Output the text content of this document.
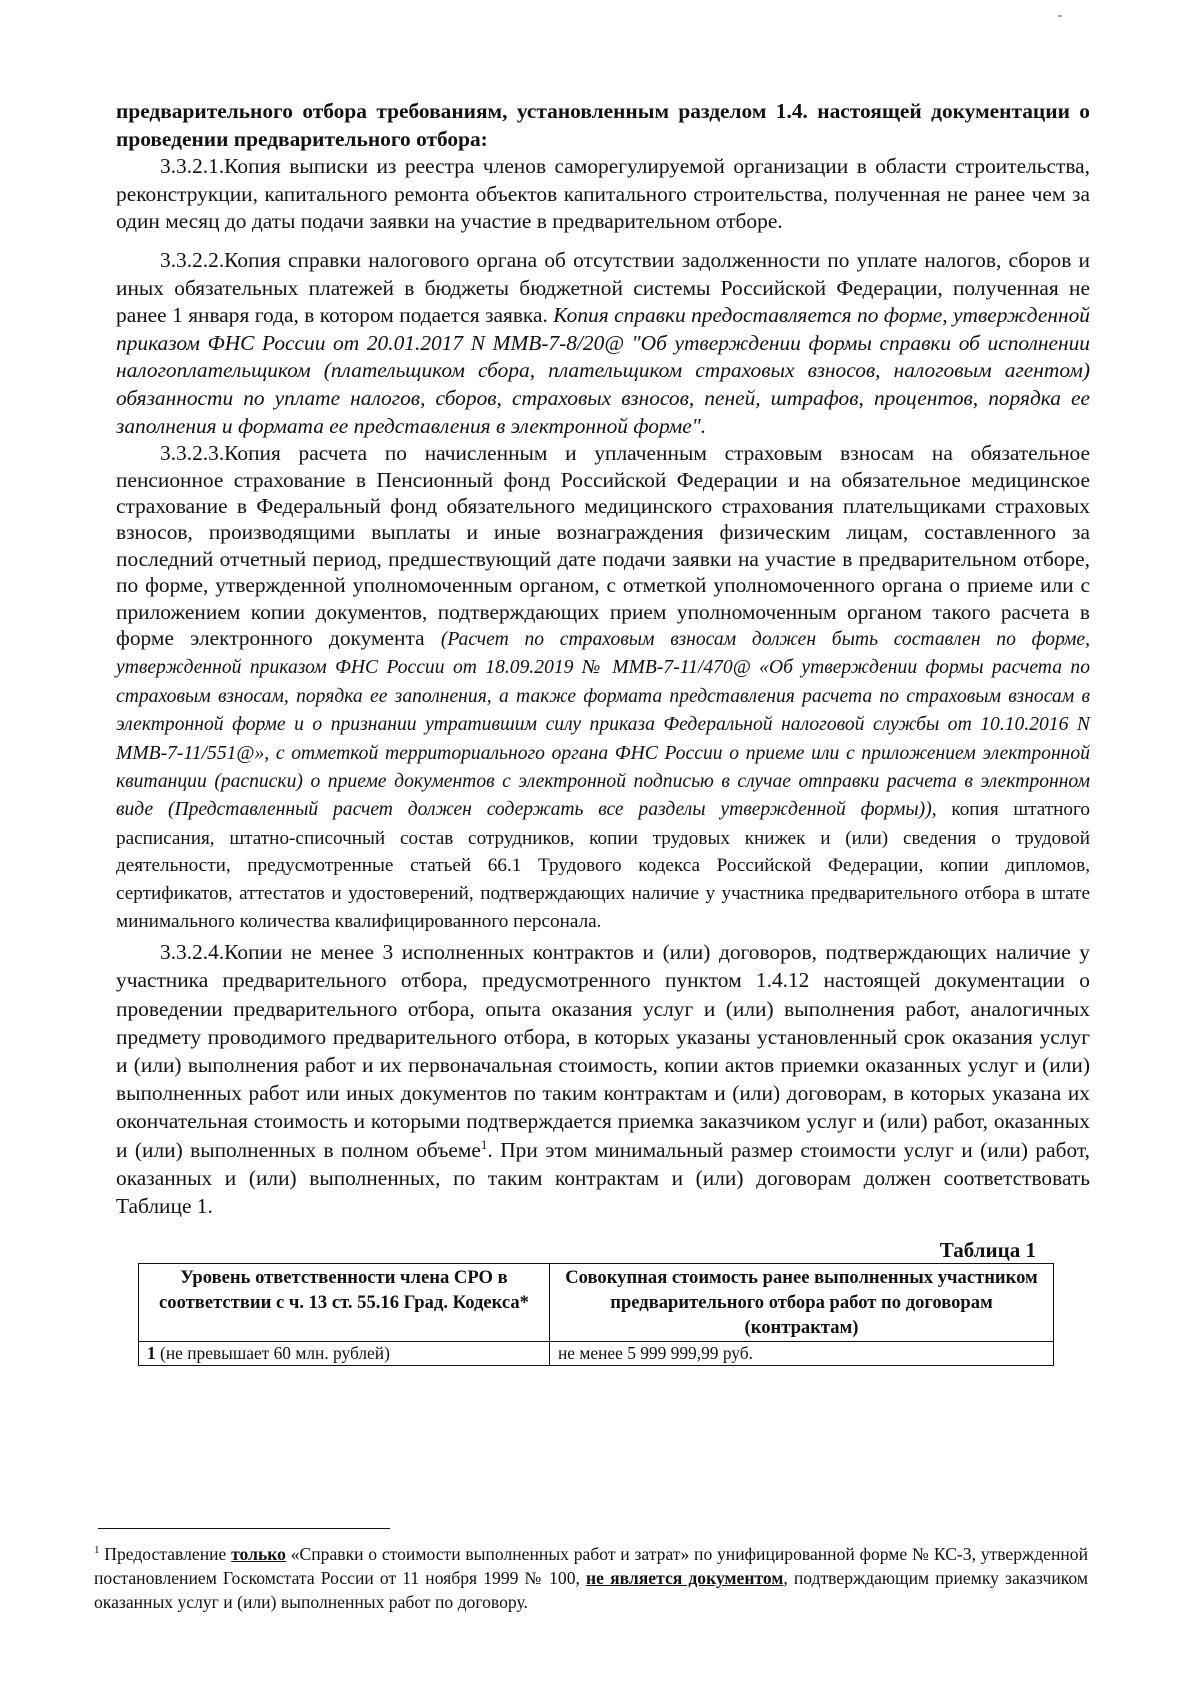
-

предварительного отбора требованиям, установленным разделом 1.4. настоящей документации о проведении предварительного отбора:

3.3.2.1.Копия выписки из реестра членов саморегулируемой организации в области строительства, реконструкции, капитального ремонта объектов капитального строительства, полученная не ранее чем за один месяц до даты подачи заявки на участие в предварительном отборе.

3.3.2.2.Копия справки налогового органа об отсутствии задолженности по уплате налогов, сборов и иных обязательных платежей в бюджеты бюджетной системы Российской Федерации, полученная не ранее 1 января года, в котором подается заявка. Копия справки предоставляется по форме, утвержденной приказом ФНС России от 20.01.2017 N ММВ-7-8/20@ "Об утверждении формы справки об исполнении налогоплательщиком (плательщиком сбора, плательщиком страховых взносов, налоговым агентом) обязанности по уплате налогов, сборов, страховых взносов, пеней, штрафов, процентов, порядка ее заполнения и формата ее представления в электронной форме".

3.3.2.3.Копия расчета по начисленным и уплаченным страховым взносам на обязательное пенсионное страхование в Пенсионный фонд Российской Федерации и на обязательное медицинское страхование в Федеральный фонд обязательного медицинского страхования плательщиками страховых взносов, производящими выплаты и иные вознаграждения физическим лицам, составленного за последний отчетный период, предшествующий дате подачи заявки на участие в предварительном отборе, по форме, утвержденной уполномоченным органом, с отметкой уполномоченного органа о приеме или с приложением копии документов, подтверждающих прием уполномоченным органом такого расчета в форме электронного документа (Расчет по страховым взносам должен быть составлен по форме, утвержденной приказом ФНС России от 18.09.2019 № ММВ-7-11/470@ «Об утверждении формы расчета по страховым взносам, порядка ее заполнения, а также формата представления расчета по страховым взносам в электронной форме и о признании утратившим силу приказа Федеральной налоговой службы от 10.10.2016 N ММВ-7-11/551@», с отметкой территориального органа ФНС России о приеме или с приложением электронной квитанции (расписки) о приеме документов с электронной подписью в случае отправки расчета в электронном виде (Представленный расчет должен содержать все разделы утвержденной формы)), копия штатного расписания, штатно-списочный состав сотрудников, копии трудовых книжек и (или) сведения о трудовой деятельности, предусмотренные статьей 66.1 Трудового кодекса Российской Федерации, копии дипломов, сертификатов, аттестатов и удостоверений, подтверждающих наличие у участника предварительного отбора в штате минимального количества квалифицированного персонала.

3.3.2.4.Копии не менее 3 исполненных контрактов и (или) договоров, подтверждающих наличие у участника предварительного отбора, предусмотренного пунктом 1.4.12 настоящей документации о проведении предварительного отбора, опыта оказания услуг и (или) выполнения работ, аналогичных предмету проводимого предварительного отбора, в которых указаны установленный срок оказания услуг и (или) выполнения работ и их первоначальная стоимость, копии актов приемки оказанных услуг и (или) выполненных работ или иных документов по таким контрактам и (или) договорам, в которых указана их окончательная стоимость и которыми подтверждается приемка заказчиком услуг и (или) работ, оказанных и (или) выполненных в полном объеме$^1$. При этом минимальный размер стоимости услуг и (или) работ, оказанных и (или) выполненных, по таким контрактам и (или) договорам должен соответствовать Таблице 1.

Таблица 1
Уровень ответственности члена СРО в соответствии с ч. 13 ст. 55.16 Град. Кодекса*	Совокупная стоимость ранее выполненных участником предварительного отбора работ по договорам (контрактам)
1 (не превышает 60 млн. рублей)	не менее 5 999 999,99 руб.
$^1$ Предоставление только «Справки о стоимости выполненных работ и затрат» по унифицированной форме № КС-3, утвержденной постановлением Госкомстата России от 11 ноября 1999 № 100, не является документом, подтверждающим приемку заказчиком оказанных услуг и (или) выполненных работ по договору.
